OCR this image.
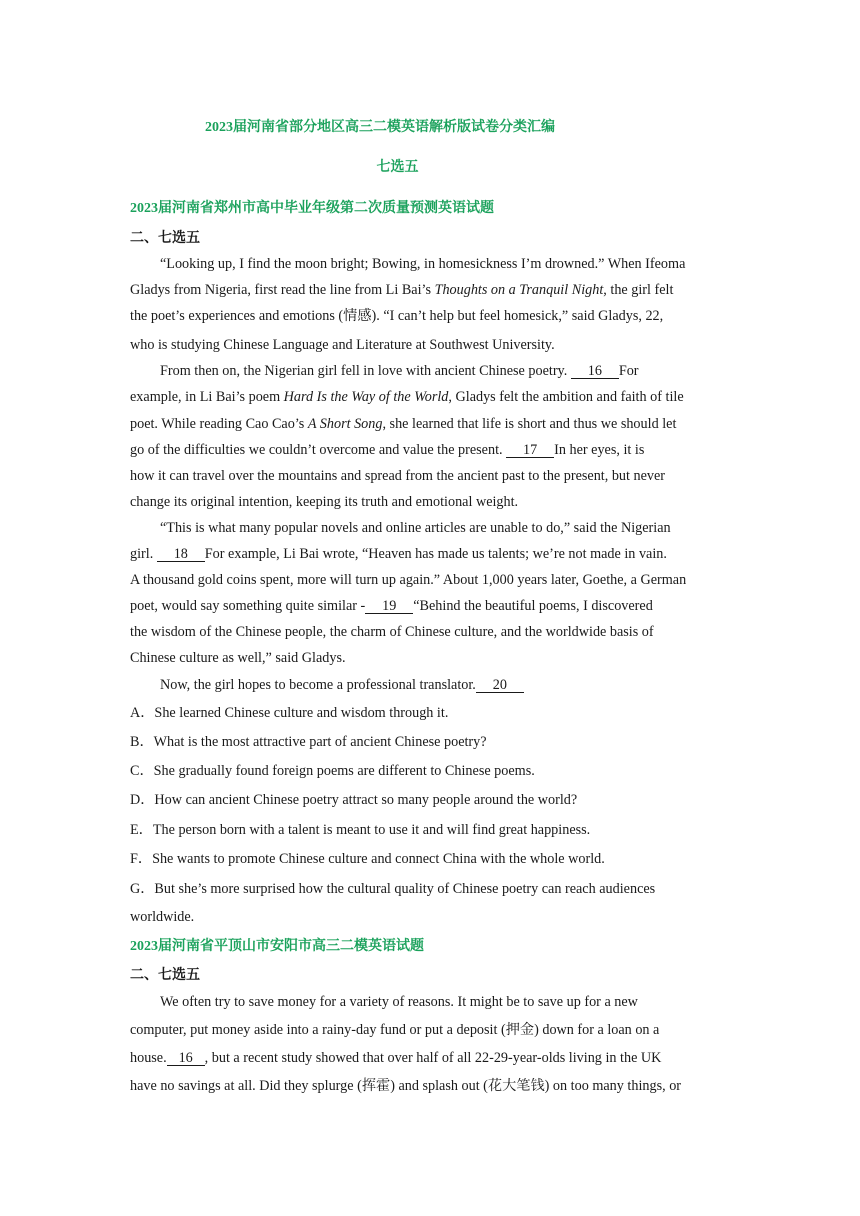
2023届河南省部分地区高三二模英语解析版试卷分类汇编
七选五
2023届河南省郑州市高中毕业年级第二次质量预测英语试题
二、七选五
“Looking up, I find the moon bright; Bowing, in homesickness I’m drowned.” When Ifeoma
Gladys from Nigeria, first read the line from Li Bai’s Thoughts on a Tranquil Night, the girl felt
the poet’s experiences and emotions (情感). “I can’t help but feel homesick,” said Gladys, 22,
who is studying Chinese Language and Literature at Southwest University.
From then on, the Nigerian girl fell in love with ancient Chinese poetry. 16 For
example, in Li Bai’s poem Hard Is the Way of the World, Gladys felt the ambition and faith of tile
poet. While reading Cao Cao’s A Short Song, she learned that life is short and thus we should let
go of the difficulties we couldn’t overcome and value the present. 17 In her eyes, it is
how it can travel over the mountains and spread from the ancient past to the present, but never
change its original intention, keeping its truth and emotional weight.
“This is what many popular novels and online articles are unable to do,” said the Nigerian
girl. 18 For example, Li Bai wrote, “Heaven has made us talents; we’re not made in vain.
A thousand gold coins spent, more will turn up again.” About 1,000 years later, Goethe, a German
poet, would say something quite similar - 19 “Behind the beautiful poems, I discovered
the wisdom of the Chinese people, the charm of Chinese culture, and the worldwide basis of
Chinese culture as well,” said Gladys.
Now, the girl hopes to become a professional translator. 20
A．She learned Chinese culture and wisdom through it.
B．What is the most attractive part of ancient Chinese poetry?
C．She gradually found foreign poems are different to Chinese poems.
D．How can ancient Chinese poetry attract so many people around the world?
E．The person born with a talent is meant to use it and will find great happiness.
F．She wants to promote Chinese culture and connect China with the whole world.
G．But she’s more surprised how the cultural quality of Chinese poetry can reach audiences
worldwide.
2023届河南省平顶山市安阳市高三二模英语试题
二、七选五
We often try to save money for a variety of reasons. It might be to save up for a new
computer, put money aside into a rainy-day fund or put a deposit (押金) down for a loan on a
house. 16 , but a recent study showed that over half of all 22-29-year-olds living in the UK
have no savings at all. Did they splurge (挥霍) and splash out (花大笔钱) on too many things, or
